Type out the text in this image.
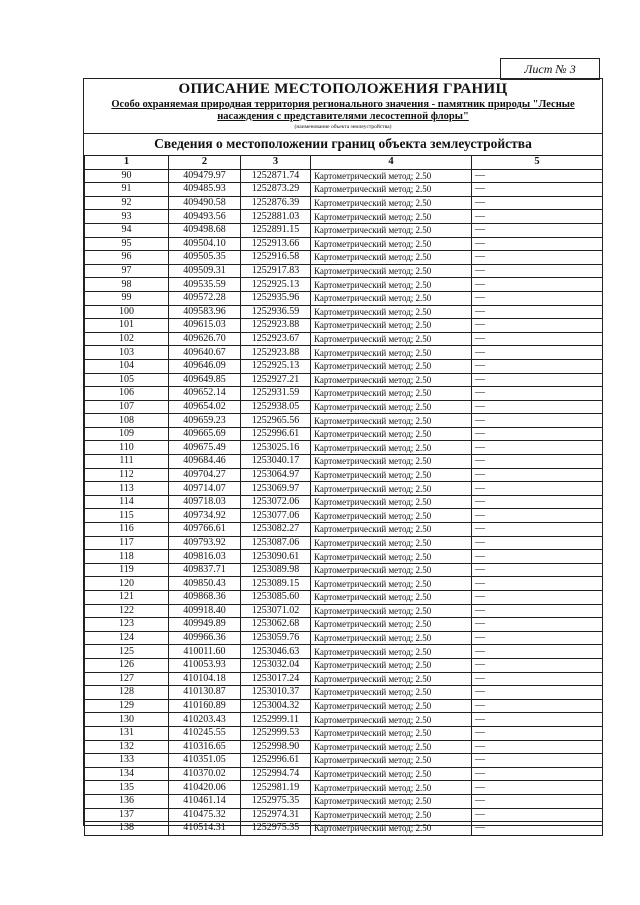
Лист № 3
ОПИСАНИЕ МЕСТОПОЛОЖЕНИЯ ГРАНИЦ
Особо охраняемая природная территория регионального значения - памятник природы "Лесные насаждения с представителями лесостепной флоры"
(наименование объекта землеустройства)
Сведения о местоположении границ объекта землеустройства
1	2	3	4	5
90	409479.97	1252871.74	Картометрический метод; 2.50	—
91	409485.93	1252873.29	Картометрический метод; 2.50	—
92	409490.58	1252876.39	Картометрический метод; 2.50	—
93	409493.56	1252881.03	Картометрический метод; 2.50	—
94	409498.68	1252891.15	Картометрический метод; 2.50	—
95	409504.10	1252913.66	Картометрический метод; 2.50	—
96	409505.35	1252916.58	Картометрический метод; 2.50	—
97	409509.31	1252917.83	Картометрический метод; 2.50	—
98	409535.59	1252925.13	Картометрический метод; 2.50	—
99	409572.28	1252935.96	Картометрический метод; 2.50	—
100	409583.96	1252936.59	Картометрический метод; 2.50	—
101	409615.03	1252923.88	Картометрический метод; 2.50	—
102	409626.70	1252923.67	Картометрический метод; 2.50	—
103	409640.67	1252923.88	Картометрический метод; 2.50	—
104	409646.09	1252925.13	Картометрический метод; 2.50	—
105	409649.85	1252927.21	Картометрический метод; 2.50	—
106	409652.14	1252931.59	Картометрический метод; 2.50	—
107	409654.02	1252938.05	Картометрический метод; 2.50	—
108	409659.23	1252965.56	Картометрический метод; 2.50	—
109	409665.69	1252996.61	Картометрический метод; 2.50	—
110	409675.49	1253025.16	Картометрический метод; 2.50	—
111	409684.46	1253040.17	Картометрический метод; 2.50	—
112	409704.27	1253064.97	Картометрический метод; 2.50	—
113	409714.07	1253069.97	Картометрический метод; 2.50	—
114	409718.03	1253072.06	Картометрический метод; 2.50	—
115	409734.92	1253077.06	Картометрический метод; 2.50	—
116	409766.61	1253082.27	Картометрический метод; 2.50	—
117	409793.92	1253087.06	Картометрический метод; 2.50	—
118	409816.03	1253090.61	Картометрический метод; 2.50	—
119	409837.71	1253089.98	Картометрический метод; 2.50	—
120	409850.43	1253089.15	Картометрический метод; 2.50	—
121	409868.36	1253085.60	Картометрический метод; 2.50	—
122	409918.40	1253071.02	Картометрический метод; 2.50	—
123	409949.89	1253062.68	Картометрический метод; 2.50	—
124	409966.36	1253059.76	Картометрический метод; 2.50	—
125	410011.60	1253046.63	Картометрический метод; 2.50	—
126	410053.93	1253032.04	Картометрический метод; 2.50	—
127	410104.18	1253017.24	Картометрический метод; 2.50	—
128	410130.87	1253010.37	Картометрический метод; 2.50	—
129	410160.89	1253004.32	Картометрический метод; 2.50	—
130	410203.43	1252999.11	Картометрический метод; 2.50	—
131	410245.55	1252999.53	Картометрический метод; 2.50	—
132	410316.65	1252998.90	Картометрический метод; 2.50	—
133	410351.05	1252996.61	Картометрический метод; 2.50	—
134	410370.02	1252994.74	Картометрический метод; 2.50	—
135	410420.06	1252981.19	Картометрический метод; 2.50	—
136	410461.14	1252975.35	Картометрический метод; 2.50	—
137	410475.32	1252974.31	Картометрический метод; 2.50	—
138	410514.31	1252975.35	Картометрический метод; 2.50	—
